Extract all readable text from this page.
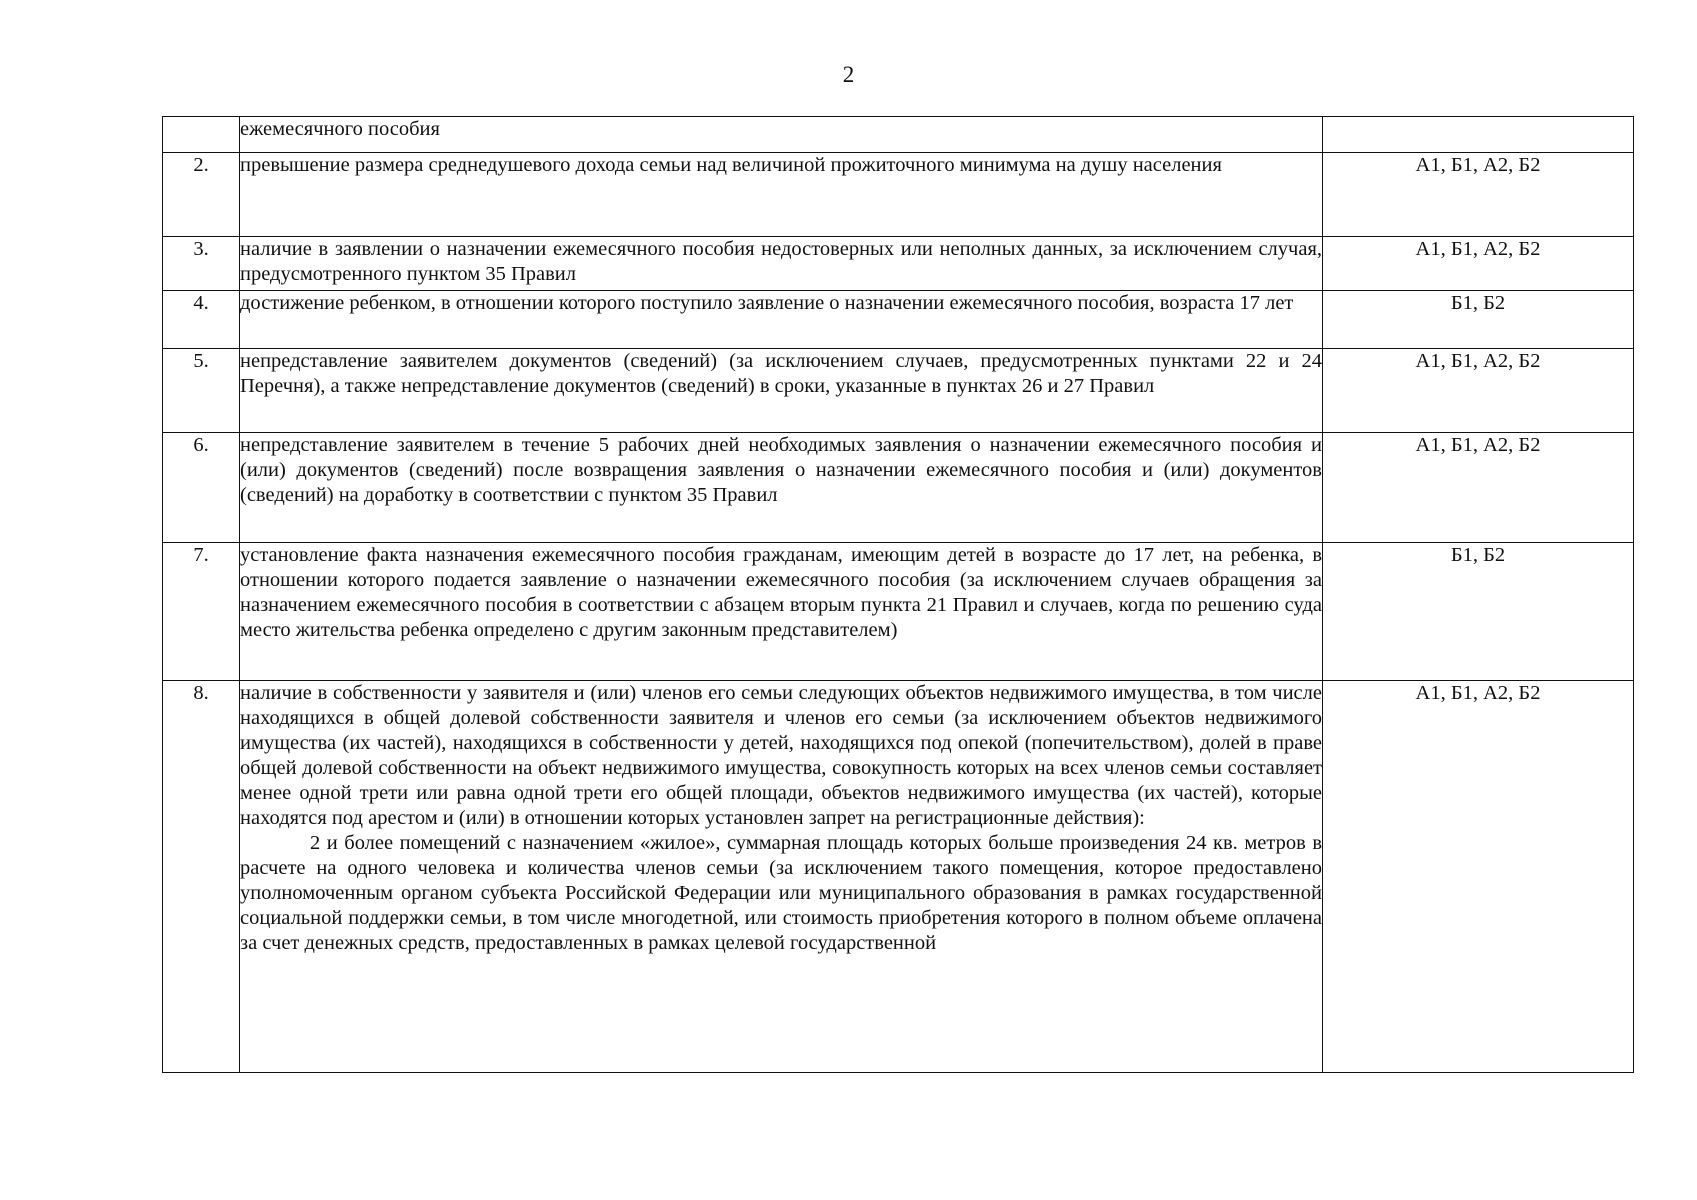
2

	ежемесячного пособия	

2.	превышение размера среднедушевого дохода семьи над величиной прожиточного минимума на душу населения	А1, Б1, А2, Б2
3.	наличие в заявлении о назначении ежемесячного пособия недостоверных или неполных данных, за исключением случая, предусмотренного пунктом 35 Правил	А1, Б1, А2, Б2
4.	достижение ребенком, в отношении которого поступило заявление о назначении ежемесячного пособия, возраста 17 лет	Б1, Б2
5.	непредставление заявителем документов (сведений) (за исключением случаев, предусмотренных пунктами 22 и 24 Перечня), а также непредставление документов (сведений) в сроки, указанные в пунктах 26 и 27 Правил	А1, Б1, А2, Б2
6.	непредставление заявителем в течение 5 рабочих дней необходимых заявления о назначении ежемесячного пособия и (или) документов (сведений) после возвращения заявления о назначении ежемесячного пособия и (или) документов (сведений) на доработку в соответствии с пунктом 35 Правил	А1, Б1, А2, Б2
7.	установление факта назначения ежемесячного пособия гражданам, имеющим детей в возрасте до 17 лет, на ребенка, в отношении которого подается заявление о назначении ежемесячного пособия (за исключением случаев обращения за назначением ежемесячного пособия в соответствии с абзацем вторым пункта 21 Правил и случаев, когда по решению суда место жительства ребенка определено с другим законным представителем)	Б1, Б2
8.	наличие в собственности у заявителя и (или) членов его семьи следующих объектов недвижимого имущества, в том числе находящихся в общей долевой собственности заявителя и членов его семьи (за исключением объектов недвижимого имущества (их частей), находящихся в собственности у детей, находящихся под опекой (попечительством), долей в праве общей долевой собственности на объект недвижимого имущества, совокупность которых на всех членов семьи составляет менее одной трети или равна одной трети его общей площади, объектов недвижимого имущества (их частей), которые находятся под арестом и (или) в отношении которых установлен запрет на регистрационные действия):
2 и более помещений с назначением «жилое», суммарная площадь которых больше произведения 24 кв. метров в расчете на одного человека и количества членов семьи (за исключением такого помещения, которое предоставлено уполномоченным органом субъекта Российской Федерации или муниципального образования в рамках государственной социальной поддержки семьи, в том числе многодетной, или стоимость приобретения которого в полном объеме оплачена за счет денежных средств, предоставленных в рамках целевой государственной	А1, Б1, А2, Б2
